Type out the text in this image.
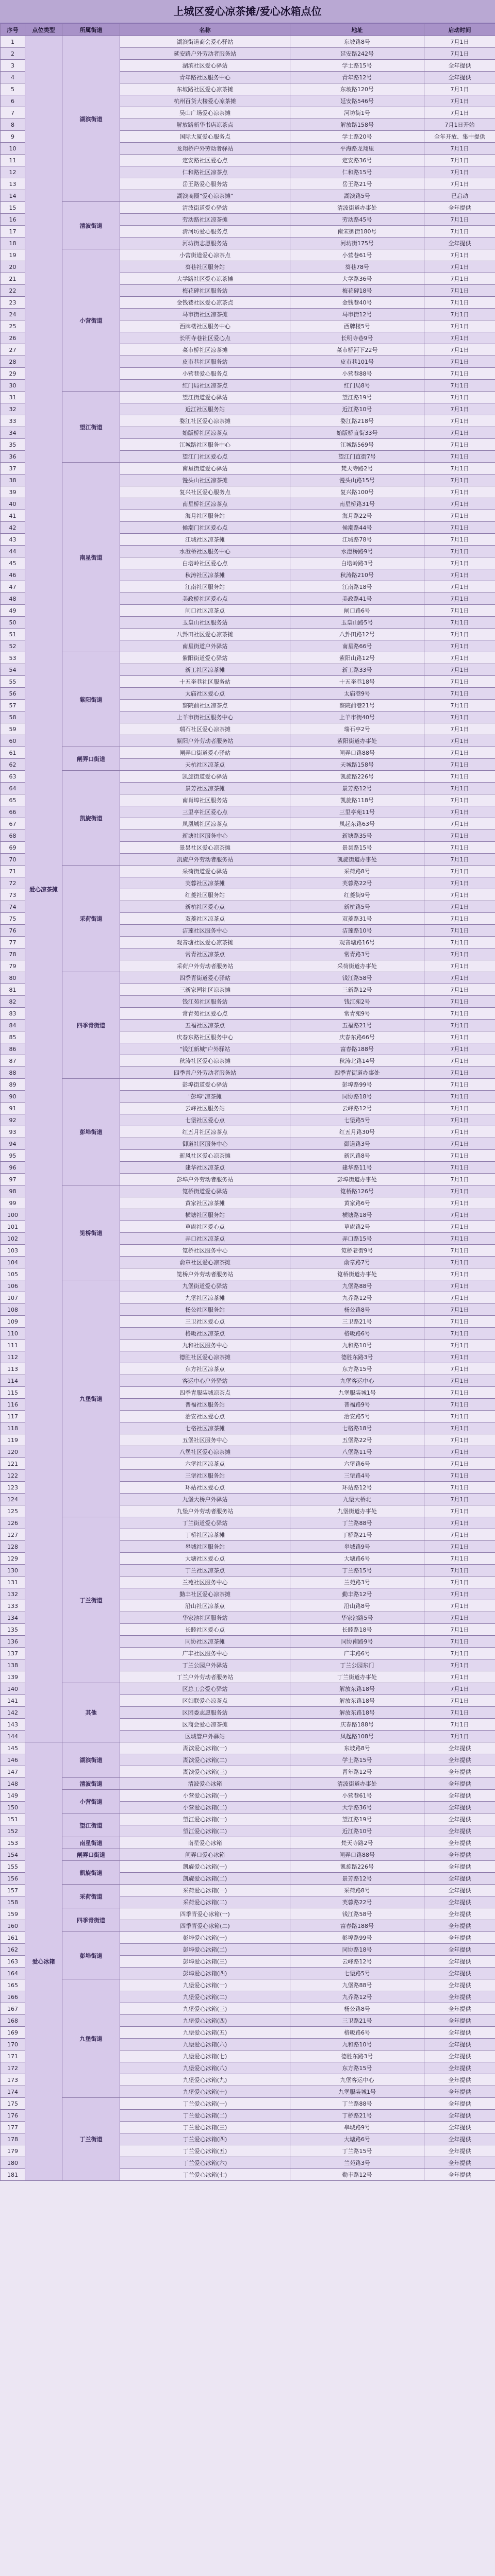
上城区爱心凉茶摊/爱心冰箱点位
序号	点位类型	所属街道	名称	地址	启动时间
1	爱心凉茶摊	湖滨街道	湖滨街道商会爱心驿站	东坡路8号	7月1日
2			延安路户外劳动者服务站	延安路242号	7月1日
3			湖滨社区爱心驿站	学士路15号	全年提供
4			青年路社区服务中心	青年路12号	全年提供
5			东坡路社区爱心凉茶摊	东坡路120号	7月1日
6			杭州百货大楼爱心凉茶摊	延安路546号	7月1日
7			吴山广场爱心凉茶摊	河坊街1号	7月1日
8			解放路新华书店凉茶点	解放路158号	7月1日开始
9			国际大厦爱心服务点	学士路20号	全年开放、集中提供
10			龙翔桥户外劳动者驿站	平海路龙翔里	7月1日
11			定安路社区爱心点	定安路36号	7月1日
12			仁和路社区凉茶点	仁和路15号	7月1日
13			岳王路爱心服务站	岳王路21号	7月1日
14			湖滨商圈"爱心凉茶摊"	湖滨路5号	已启动
15		清波街道	清波街道爱心驿站	清波街道办事处	全年提供
16			劳动路社区凉茶摊	劳动路45号	7月1日
17			清河坊爱心服务点	南宋御街180号	7月1日
18			河坊街志愿服务站	河坊街175号	全年提供
19		小营街道	小营街道爱心凉茶点	小营巷61号	7月1日
20			葵巷社区服务站	葵巷78号	7月1日
21			大学路社区爱心凉茶摊	大学路36号	7月1日
22			梅花碑社区服务站	梅花碑18号	7月1日
23			金钱巷社区爱心凉茶点	金钱巷40号	7月1日
24			马市街社区凉茶摊	马市街12号	7月1日
25			西牌楼社区服务中心	西牌楼5号	7月1日
26			长明寺巷社区爱心点	长明寺巷9号	7月1日
27			菜市桥社区凉茶摊	菜市桥河下22号	7月1日
28			皮市巷社区服务站	皮市巷101号	7月1日
29			小营巷爱心服务点	小营巷88号	7月1日
30			红门局社区凉茶点	红门局8号	7月1日
31		望江街道	望江街道爱心驿站	望江路19号	7月1日
32			近江社区服务站	近江路10号	7月1日
33			婺江社区爱心凉茶摊	婺江路218号	7月1日
34			始版桥社区凉茶点	始版桥直街33号	7月1日
35			江城路社区服务中心	江城路569号	7月1日
36			望江门社区爱心点	望江门直街7号	7月1日
37		南星街道	南星街道爱心驿站	梵天寺路2号	7月1日
38			馒头山社区凉茶摊	馒头山路15号	7月1日
39			复兴社区爱心服务点	复兴路100号	7月1日
40			南星桥社区凉茶点	南星桥路31号	7月1日
41			海月社区服务站	海月路22号	7月1日
42			候潮门社区爱心点	候潮路44号	7月1日
43			江城社区凉茶摊	江城路78号	7月1日
44			水澄桥社区服务中心	水澄桥路9号	7月1日
45			白塔岭社区爱心点	白塔岭路3号	7月1日
46			秋涛社区凉茶摊	秋涛路210号	7月1日
47			江南社区服务站	江南路18号	7月1日
48			美政桥社区爱心点	美政路41号	7月1日
49			闸口社区凉茶点	闸口路6号	7月1日
50			玉皇山社区服务站	玉皇山路5号	7月1日
51			八卦田社区爱心凉茶摊	八卦田路12号	7月1日
52			南星街道户外驿站	南星路66号	7月1日
53		紫阳街道	紫阳街道爱心驿站	紫阳山路12号	7月1日
54			新工社区凉茶摊	新工路33号	7月1日
55			十五奎巷社区服务站	十五奎巷18号	7月1日
56			太庙社区爱心点	太庙巷9号	7月1日
57			察院前社区凉茶点	察院前巷21号	7月1日
58			上羊市街社区服务中心	上羊市街40号	7月1日
59			瑞石社区爱心凉茶摊	瑞石亭2号	7月1日
60			紫阳户外劳动者服务站	紫阳街道办事处	7月1日
61		闸弄口街道	闸弄口街道爱心驿站	闸弄口路88号	7月1日
62			天杭社区凉茶点	天城路158号	7月1日
63		凯旋街道	凯旋街道爱心驿站	凯旋路226号	7月1日
64			景芳社区凉茶摊	景芳路12号	7月1日
65			南肖埠社区服务站	凯旋路118号	7月1日
66			三里亭社区爱心点	三里亭苑11号	7月1日
67			凤凰城社区凉茶点	凤起东路63号	7月1日
68			新塘社区服务中心	新塘路35号	7月1日
69			景昙社区爱心凉茶摊	景昙路15号	7月1日
70			凯旋户外劳动者服务站	凯旋街道办事处	7月1日
71		采荷街道	采荷街道爱心驿站	采荷路8号	7月1日
72			芙蓉社区凉茶摊	芙蓉路22号	7月1日
73			红菱社区服务站	红菱街9号	7月1日
74			新杭社区爱心点	新杭路5号	7月1日
75			双菱社区凉茶点	双菱路31号	7月1日
76			洁莲社区服务中心	洁莲路10号	7月1日
77			观音塘社区爱心凉茶摊	观音塘路16号	7月1日
78			常青社区凉茶点	常青路3号	7月1日
79			采荷户外劳动者服务站	采荷街道办事处	7月1日
80		四季青街道	四季青街道爱心驿站	钱江路58号	7月1日
81			三新家园社区凉茶摊	三新路12号	7月1日
82			钱江苑社区服务站	钱江苑2号	7月1日
83			常青苑社区爱心点	常青苑9号	7月1日
84			五福社区凉茶点	五福路21号	7月1日
85			庆春东路社区服务中心	庆春东路66号	7月1日
86			"钱江新城"户外驿站	富春路188号	7月1日
87			秋涛社区爱心凉茶摊	秋涛北路14号	7月1日
88			四季青户外劳动者服务站	四季青街道办事处	7月1日
89		彭埠街道	彭埠街道爱心驿站	彭埠路99号	7月1日
90			"彭埠"凉茶摊	同协路18号	7月1日
91			云峰社区服务站	云峰路12号	7月1日
92			七堡社区爱心点	七堡路5号	7月1日
93			红五月社区凉茶点	红五月路30号	7月1日
94			御道社区服务中心	御道路3号	7月1日
95			新风社区爱心凉茶摊	新风路8号	7月1日
96			建华社区凉茶点	建华路11号	7月1日
97			彭埠户外劳动者服务站	彭埠街道办事处	7月1日
98		笕桥街道	笕桥街道爱心驿站	笕桥路126号	7月1日
99			黄家社区凉茶摊	黄家路6号	7月1日
100			横塘社区服务站	横塘路18号	7月1日
101			草庵社区爱心点	草庵路2号	7月1日
102			弄口社区凉茶点	弄口路15号	7月1日
103			笕桥社区服务中心	笕桥老街9号	7月1日
104			俞章社区爱心凉茶摊	俞章路7号	7月1日
105			笕桥户外劳动者服务站	笕桥街道办事处	7月1日
106		九堡街道	九堡街道爱心驿站	九堡路88号	7月1日
107			九堡社区凉茶摊	九乔路12号	7月1日
108			杨公社区服务站	杨公路8号	7月1日
109			三卫社区爱心点	三卫路21号	7月1日
110			格畈社区凉茶点	格畈路6号	7月1日
111			九和社区服务中心	九和路10号	7月1日
112			德胜社区爱心凉茶摊	德胜东路3号	7月1日
113			东方社区凉茶点	东方路15号	7月1日
114			客运中心户外驿站	九堡客运中心	7月1日
115			四季青服装城凉茶点	九堡服装城1号	7月1日
116			普福社区服务站	普福路9号	7月1日
117			治安社区爱心点	治安路5号	7月1日
118			七格社区凉茶摊	七格路18号	7月1日
119			五堡社区服务中心	五堡路22号	7月1日
120			八堡社区爱心凉茶摊	八堡路11号	7月1日
121			六堡社区凉茶点	六堡路6号	7月1日
122			三堡社区服务站	三堡路4号	7月1日
123			环站社区爱心点	环站路12号	7月1日
124			九堡大桥户外驿站	九堡大桥北	7月1日
125			九堡户外劳动者服务站	九堡街道办事处	7月1日
126		丁兰街道	丁兰街道爱心驿站	丁兰路88号	7月1日
127			丁桥社区凉茶摊	丁桥路21号	7月1日
128			皋城社区服务站	皋城路9号	7月1日
129			大塘社区爱心点	大塘路6号	7月1日
130			丁兰社区凉茶点	丁兰路15号	7月1日
131			兰苑社区服务中心	兰苑路3号	7月1日
132			勤丰社区爱心凉茶摊	勤丰路12号	7月1日
133			沿山社区凉茶点	沿山路8号	7月1日
134			华家池社区服务站	华家池路5号	7月1日
135			长睦社区爱心点	长睦路18号	7月1日
136			同协社区凉茶摊	同协南路9号	7月1日
137			广丰社区服务中心	广丰路6号	7月1日
138			丁兰公园户外驿站	丁兰公园东门	7月1日
139			丁兰户外劳动者服务站	丁兰街道办事处	7月1日
140		其他	区总工会爱心驿站	解放东路18号	7月1日
141			区妇联爱心凉茶点	解放东路18号	7月1日
142			区团委志愿服务站	解放东路18号	7月1日
143			区商会爱心凉茶摊	庆春路188号	7月1日
144			区城管户外驿站	凤起路108号	7月1日
145	爱心冰箱	湖滨街道	湖滨爱心冰箱(一)	东坡路8号	全年提供
146			湖滨爱心冰箱(二)	学士路15号	全年提供
147			湖滨爱心冰箱(三)	青年路12号	全年提供
148		清波街道	清波爱心冰箱	清波街道办事处	全年提供
149		小营街道	小营爱心冰箱(一)	小营巷61号	全年提供
150			小营爱心冰箱(二)	大学路36号	全年提供
151		望江街道	望江爱心冰箱(一)	望江路19号	全年提供
152			望江爱心冰箱(二)	近江路10号	全年提供
153		南星街道	南星爱心冰箱	梵天寺路2号	全年提供
154		闸弄口街道	闸弄口爱心冰箱	闸弄口路88号	全年提供
155		凯旋街道	凯旋爱心冰箱(一)	凯旋路226号	全年提供
156			凯旋爱心冰箱(二)	景芳路12号	全年提供
157		采荷街道	采荷爱心冰箱(一)	采荷路8号	全年提供
158			采荷爱心冰箱(二)	芙蓉路22号	全年提供
159		四季青街道	四季青爱心冰箱(一)	钱江路58号	全年提供
160			四季青爱心冰箱(二)	富春路188号	全年提供
161		彭埠街道	彭埠爱心冰箱(一)	彭埠路99号	全年提供
162			彭埠爱心冰箱(二)	同协路18号	全年提供
163			彭埠爱心冰箱(三)	云峰路12号	全年提供
164			彭埠爱心冰箱(四)	七堡路5号	全年提供
165		九堡街道	九堡爱心冰箱(一)	九堡路88号	全年提供
166			九堡爱心冰箱(二)	九乔路12号	全年提供
167			九堡爱心冰箱(三)	杨公路8号	全年提供
168			九堡爱心冰箱(四)	三卫路21号	全年提供
169			九堡爱心冰箱(五)	格畈路6号	全年提供
170			九堡爱心冰箱(六)	九和路10号	全年提供
171			九堡爱心冰箱(七)	德胜东路3号	全年提供
172			九堡爱心冰箱(八)	东方路15号	全年提供
173			九堡爱心冰箱(九)	九堡客运中心	全年提供
174			九堡爱心冰箱(十)	九堡服装城1号	全年提供
175		丁兰街道	丁兰爱心冰箱(一)	丁兰路88号	全年提供
176			丁兰爱心冰箱(二)	丁桥路21号	全年提供
177			丁兰爱心冰箱(三)	皋城路9号	全年提供
178			丁兰爱心冰箱(四)	大塘路6号	全年提供
179			丁兰爱心冰箱(五)	丁兰路15号	全年提供
180			丁兰爱心冰箱(六)	兰苑路3号	全年提供
181			丁兰爱心冰箱(七)	勤丰路12号	全年提供
